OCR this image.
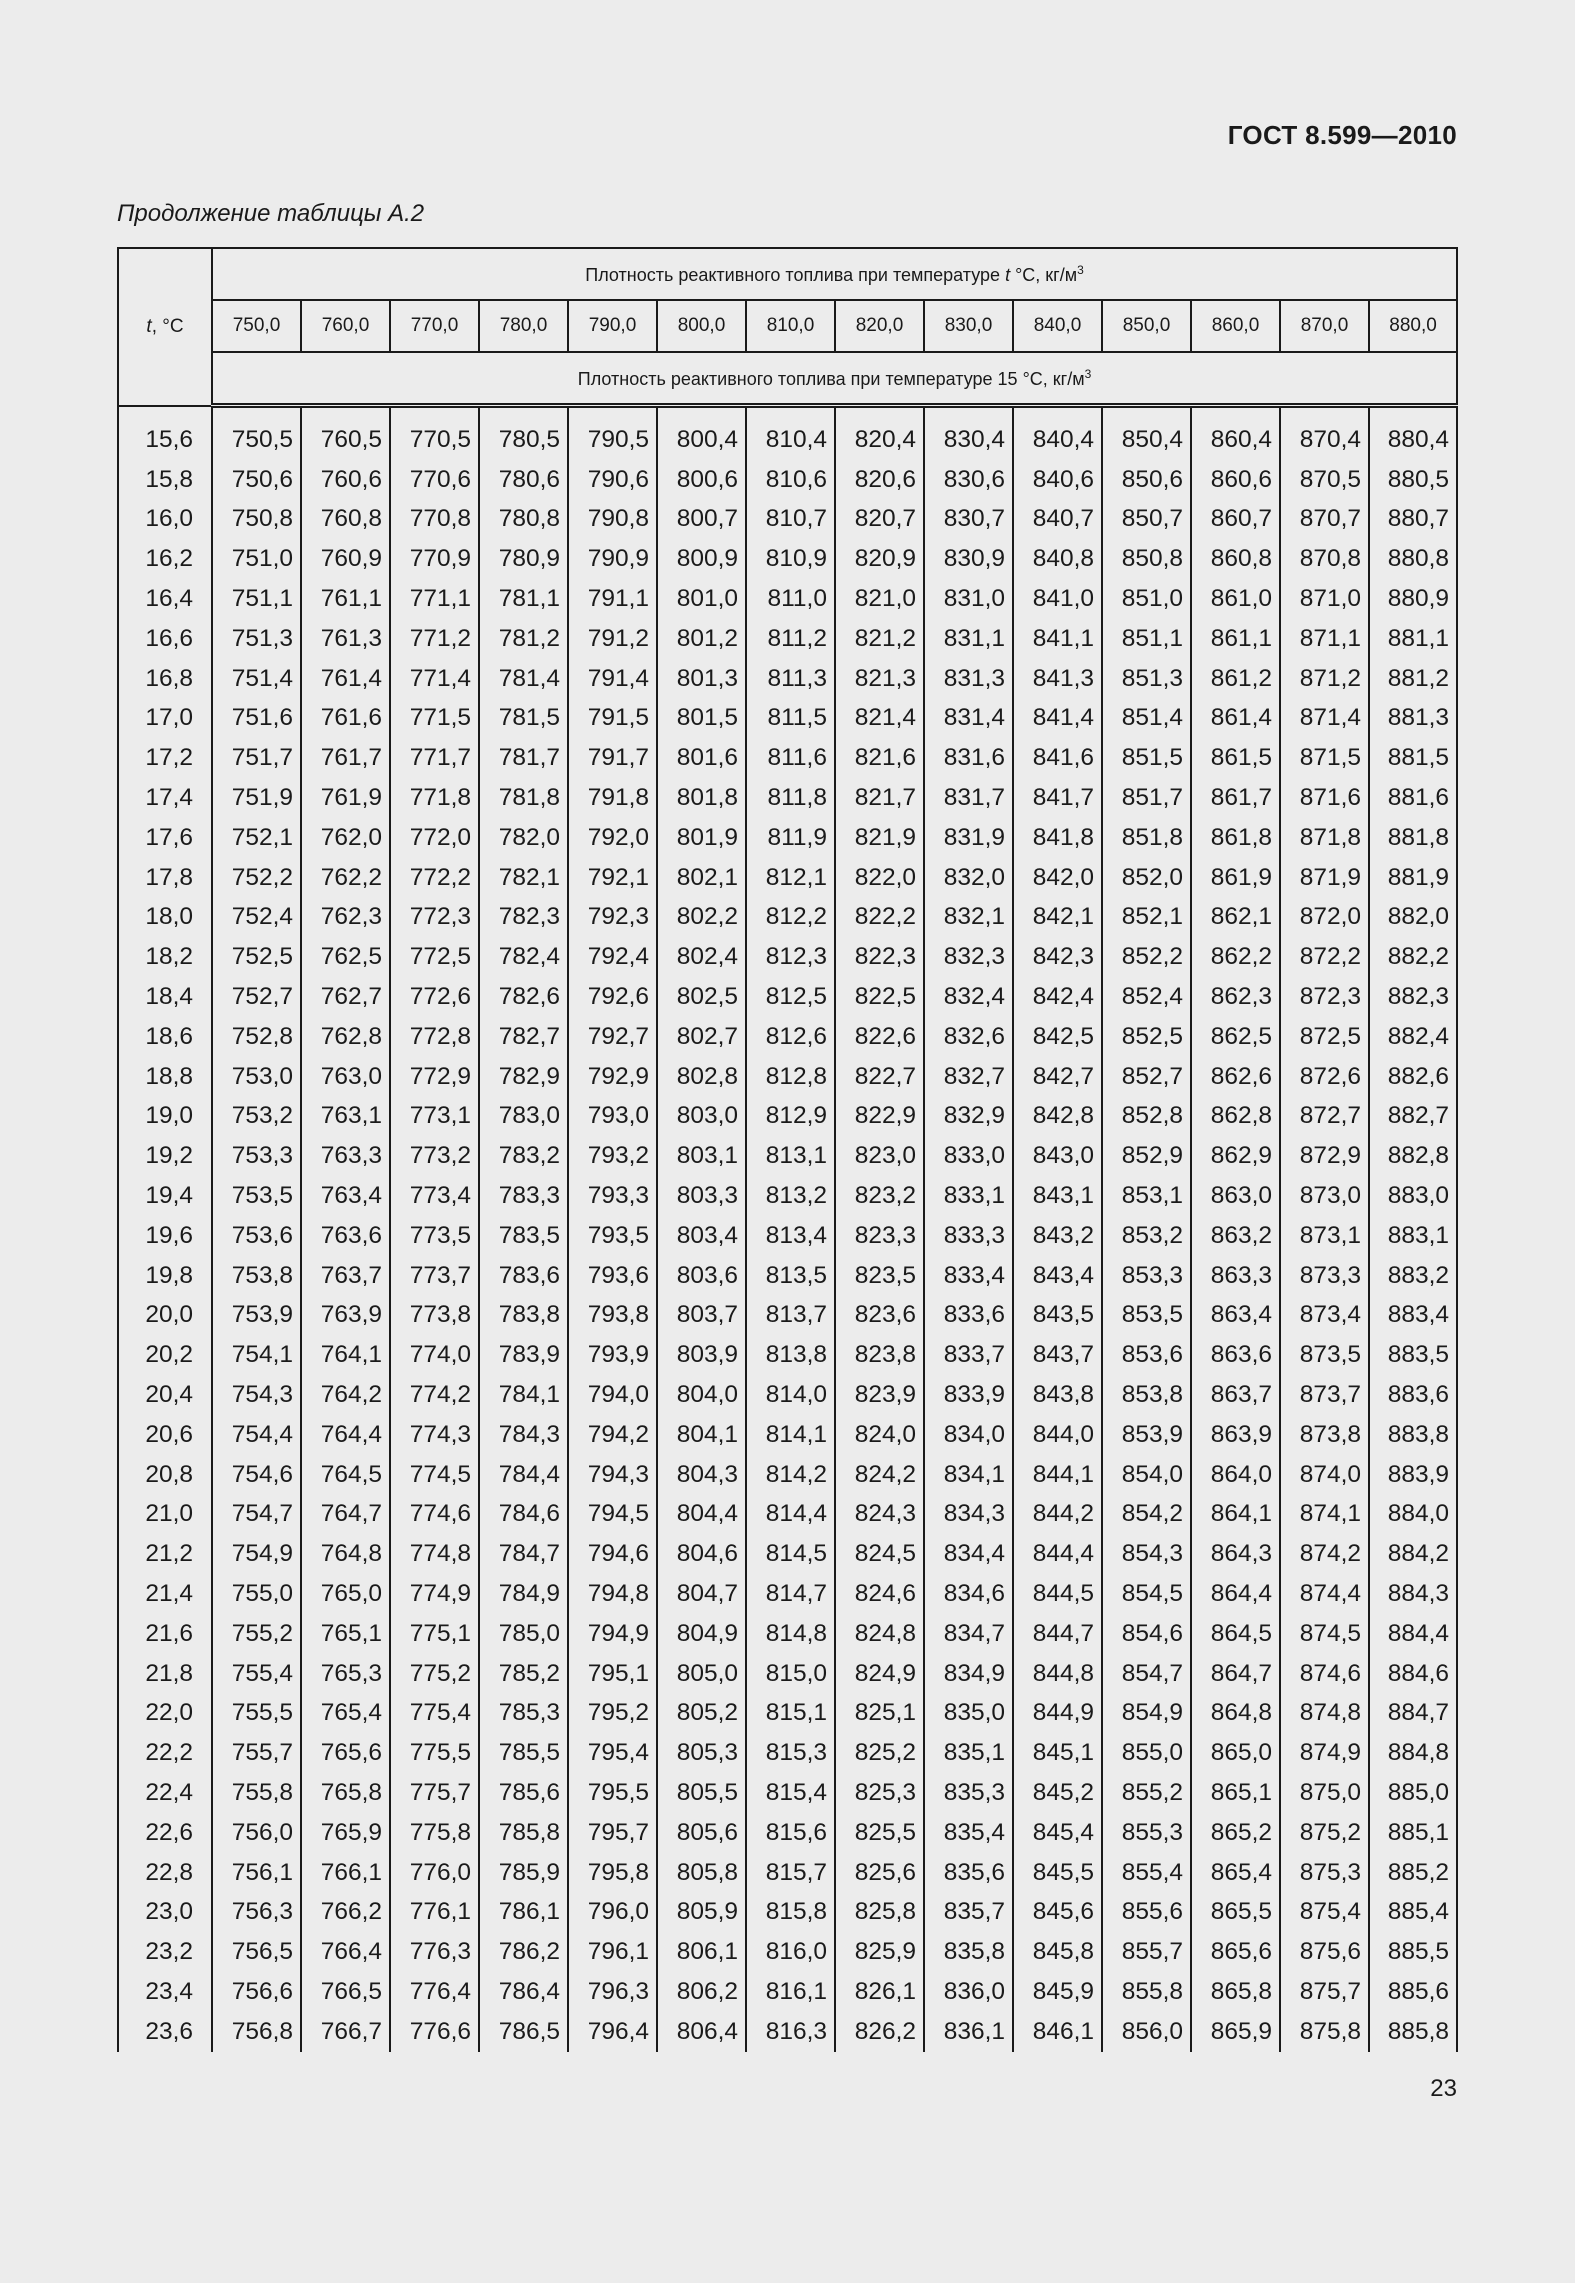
ГОСТ 8.599—2010
Продолжение таблицы А.2
t, °C	Плотность реактивного топлива при температуре t °C, $кг/м^3$
	750,0	760,0	770,0	780,0	790,0	800,0	810,0	820,0	830,0	840,0	850,0	860,0	870,0	880,0
	Плотность реактивного топлива при температуре 15 °C, $кг/м^3$

15,6	750,5	760,5	770,5	780,5	790,5	800,4	810,4	820,4	830,4	840,4	850,4	860,4	870,4	880,4
15,8	750,6	760,6	770,6	780,6	790,6	800,6	810,6	820,6	830,6	840,6	850,6	860,6	870,5	880,5
16,0	750,8	760,8	770,8	780,8	790,8	800,7	810,7	820,7	830,7	840,7	850,7	860,7	870,7	880,7
16,2	751,0	760,9	770,9	780,9	790,9	800,9	810,9	820,9	830,9	840,8	850,8	860,8	870,8	880,8
16,4	751,1	761,1	771,1	781,1	791,1	801,0	811,0	821,0	831,0	841,0	851,0	861,0	871,0	880,9
16,6	751,3	761,3	771,2	781,2	791,2	801,2	811,2	821,2	831,1	841,1	851,1	861,1	871,1	881,1
16,8	751,4	761,4	771,4	781,4	791,4	801,3	811,3	821,3	831,3	841,3	851,3	861,2	871,2	881,2
17,0	751,6	761,6	771,5	781,5	791,5	801,5	811,5	821,4	831,4	841,4	851,4	861,4	871,4	881,3
17,2	751,7	761,7	771,7	781,7	791,7	801,6	811,6	821,6	831,6	841,6	851,5	861,5	871,5	881,5
17,4	751,9	761,9	771,8	781,8	791,8	801,8	811,8	821,7	831,7	841,7	851,7	861,7	871,6	881,6
17,6	752,1	762,0	772,0	782,0	792,0	801,9	811,9	821,9	831,9	841,8	851,8	861,8	871,8	881,8
17,8	752,2	762,2	772,2	782,1	792,1	802,1	812,1	822,0	832,0	842,0	852,0	861,9	871,9	881,9
18,0	752,4	762,3	772,3	782,3	792,3	802,2	812,2	822,2	832,1	842,1	852,1	862,1	872,0	882,0
18,2	752,5	762,5	772,5	782,4	792,4	802,4	812,3	822,3	832,3	842,3	852,2	862,2	872,2	882,2
18,4	752,7	762,7	772,6	782,6	792,6	802,5	812,5	822,5	832,4	842,4	852,4	862,3	872,3	882,3
18,6	752,8	762,8	772,8	782,7	792,7	802,7	812,6	822,6	832,6	842,5	852,5	862,5	872,5	882,4
18,8	753,0	763,0	772,9	782,9	792,9	802,8	812,8	822,7	832,7	842,7	852,7	862,6	872,6	882,6
19,0	753,2	763,1	773,1	783,0	793,0	803,0	812,9	822,9	832,9	842,8	852,8	862,8	872,7	882,7
19,2	753,3	763,3	773,2	783,2	793,2	803,1	813,1	823,0	833,0	843,0	852,9	862,9	872,9	882,8
19,4	753,5	763,4	773,4	783,3	793,3	803,3	813,2	823,2	833,1	843,1	853,1	863,0	873,0	883,0
19,6	753,6	763,6	773,5	783,5	793,5	803,4	813,4	823,3	833,3	843,2	853,2	863,2	873,1	883,1
19,8	753,8	763,7	773,7	783,6	793,6	803,6	813,5	823,5	833,4	843,4	853,3	863,3	873,3	883,2
20,0	753,9	763,9	773,8	783,8	793,8	803,7	813,7	823,6	833,6	843,5	853,5	863,4	873,4	883,4
20,2	754,1	764,1	774,0	783,9	793,9	803,9	813,8	823,8	833,7	843,7	853,6	863,6	873,5	883,5
20,4	754,3	764,2	774,2	784,1	794,0	804,0	814,0	823,9	833,9	843,8	853,8	863,7	873,7	883,6
20,6	754,4	764,4	774,3	784,3	794,2	804,1	814,1	824,0	834,0	844,0	853,9	863,9	873,8	883,8
20,8	754,6	764,5	774,5	784,4	794,3	804,3	814,2	824,2	834,1	844,1	854,0	864,0	874,0	883,9
21,0	754,7	764,7	774,6	784,6	794,5	804,4	814,4	824,3	834,3	844,2	854,2	864,1	874,1	884,0
21,2	754,9	764,8	774,8	784,7	794,6	804,6	814,5	824,5	834,4	844,4	854,3	864,3	874,2	884,2
21,4	755,0	765,0	774,9	784,9	794,8	804,7	814,7	824,6	834,6	844,5	854,5	864,4	874,4	884,3
21,6	755,2	765,1	775,1	785,0	794,9	804,9	814,8	824,8	834,7	844,7	854,6	864,5	874,5	884,4
21,8	755,4	765,3	775,2	785,2	795,1	805,0	815,0	824,9	834,9	844,8	854,7	864,7	874,6	884,6
22,0	755,5	765,4	775,4	785,3	795,2	805,2	815,1	825,1	835,0	844,9	854,9	864,8	874,8	884,7
22,2	755,7	765,6	775,5	785,5	795,4	805,3	815,3	825,2	835,1	845,1	855,0	865,0	874,9	884,8
22,4	755,8	765,8	775,7	785,6	795,5	805,5	815,4	825,3	835,3	845,2	855,2	865,1	875,0	885,0
22,6	756,0	765,9	775,8	785,8	795,7	805,6	815,6	825,5	835,4	845,4	855,3	865,2	875,2	885,1
22,8	756,1	766,1	776,0	785,9	795,8	805,8	815,7	825,6	835,6	845,5	855,4	865,4	875,3	885,2
23,0	756,3	766,2	776,1	786,1	796,0	805,9	815,8	825,8	835,7	845,6	855,6	865,5	875,4	885,4
23,2	756,5	766,4	776,3	786,2	796,1	806,1	816,0	825,9	835,8	845,8	855,7	865,6	875,6	885,5
23,4	756,6	766,5	776,4	786,4	796,3	806,2	816,1	826,1	836,0	845,9	855,8	865,8	875,7	885,6
23,6	756,8	766,7	776,6	786,5	796,4	806,4	816,3	826,2	836,1	846,1	856,0	865,9	875,8	885,8
23
